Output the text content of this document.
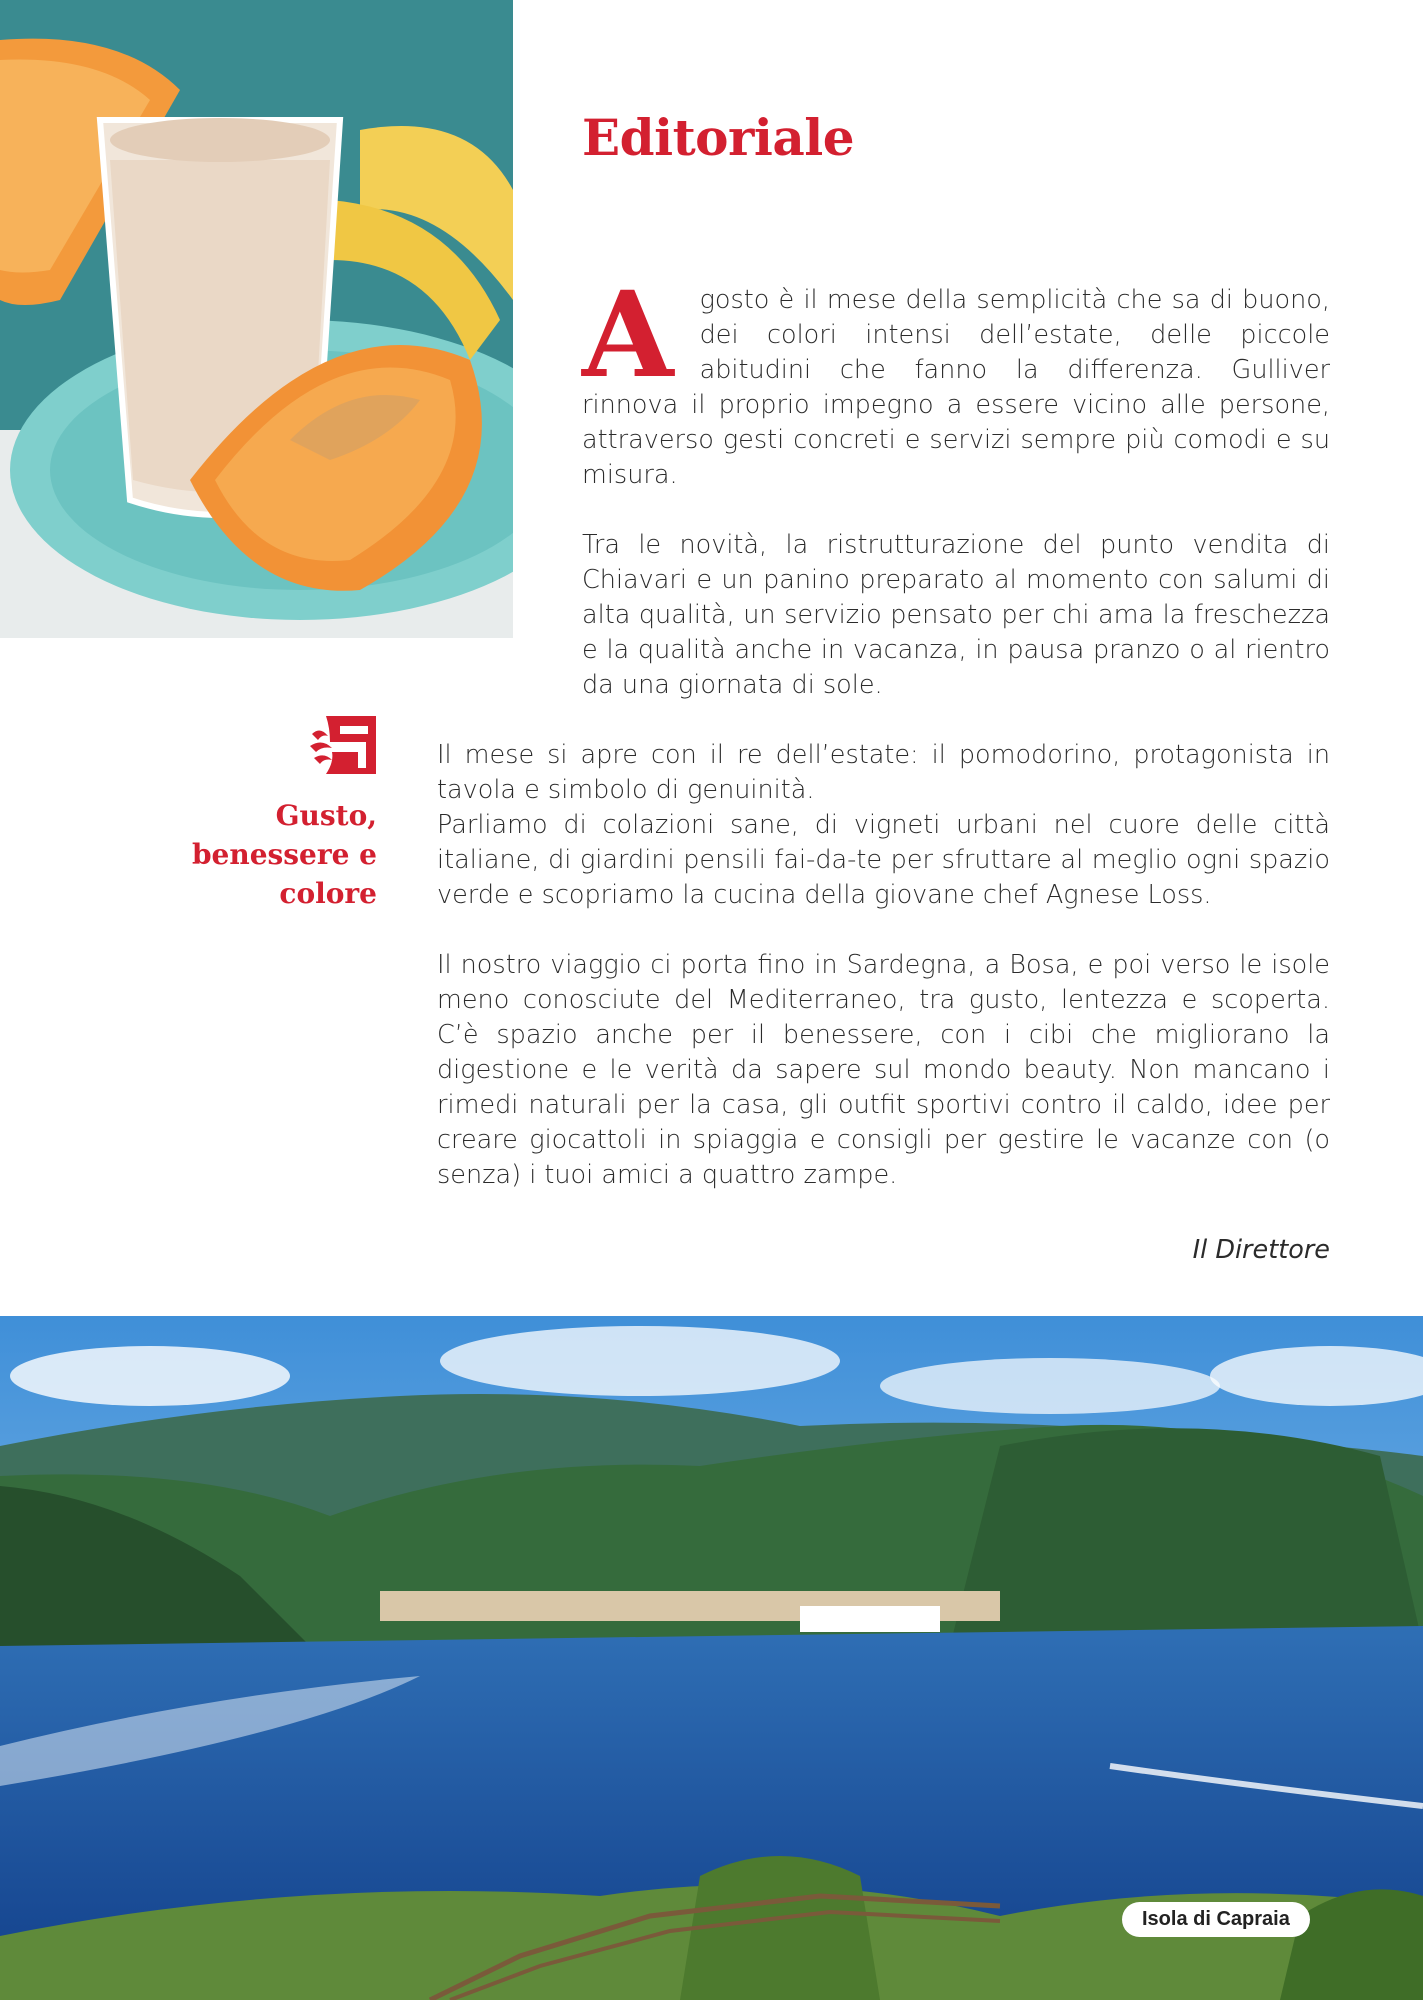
Editoriale
A	gosto è il mese della semplicità che sa di buono, dei colori intensi dell’estate, delle piccole abitudini che fanno la differenza. Gulliver rinnova il proprio impegno a essere vicino alle persone, attraverso gesti concreti e servizi sempre più comodi e su misura.

Tra le novità, la ristrutturazione del punto vendita di Chiavari e un panino preparato al momento con salumi di alta qualità, un servizio pensato per chi ama la freschezza e la qualità anche in vacanza, in pausa pranzo o al rientro da una giornata di sole.

Gusto,
benessere e
colore

Il mese si apre con il re dell’estate: il pomodorino, protagonista in tavola e simbolo di genuinità.

Parliamo di colazioni sane, di vigneti urbani nel cuore delle città italiane, di giardini pensili fai-da-te per sfruttare al meglio ogni spazio verde e scopriamo la cucina della giovane chef Agnese Loss.

Il nostro viaggio ci porta fino in Sardegna, a Bosa, e poi verso le isole meno conosciute del Mediterraneo, tra gusto, lentezza e scoperta. C’è spazio anche per il benessere, con i cibi che migliorano la digestione e le verità da sapere sul mondo beauty. Non mancano i rimedi naturali per la casa, gli outfit sportivi contro il caldo, idee per creare giocattoli in spiaggia e consigli per gestire le vacanze con (o senza) i tuoi amici a quattro zampe.

Il Direttore
Isola di Capraia
